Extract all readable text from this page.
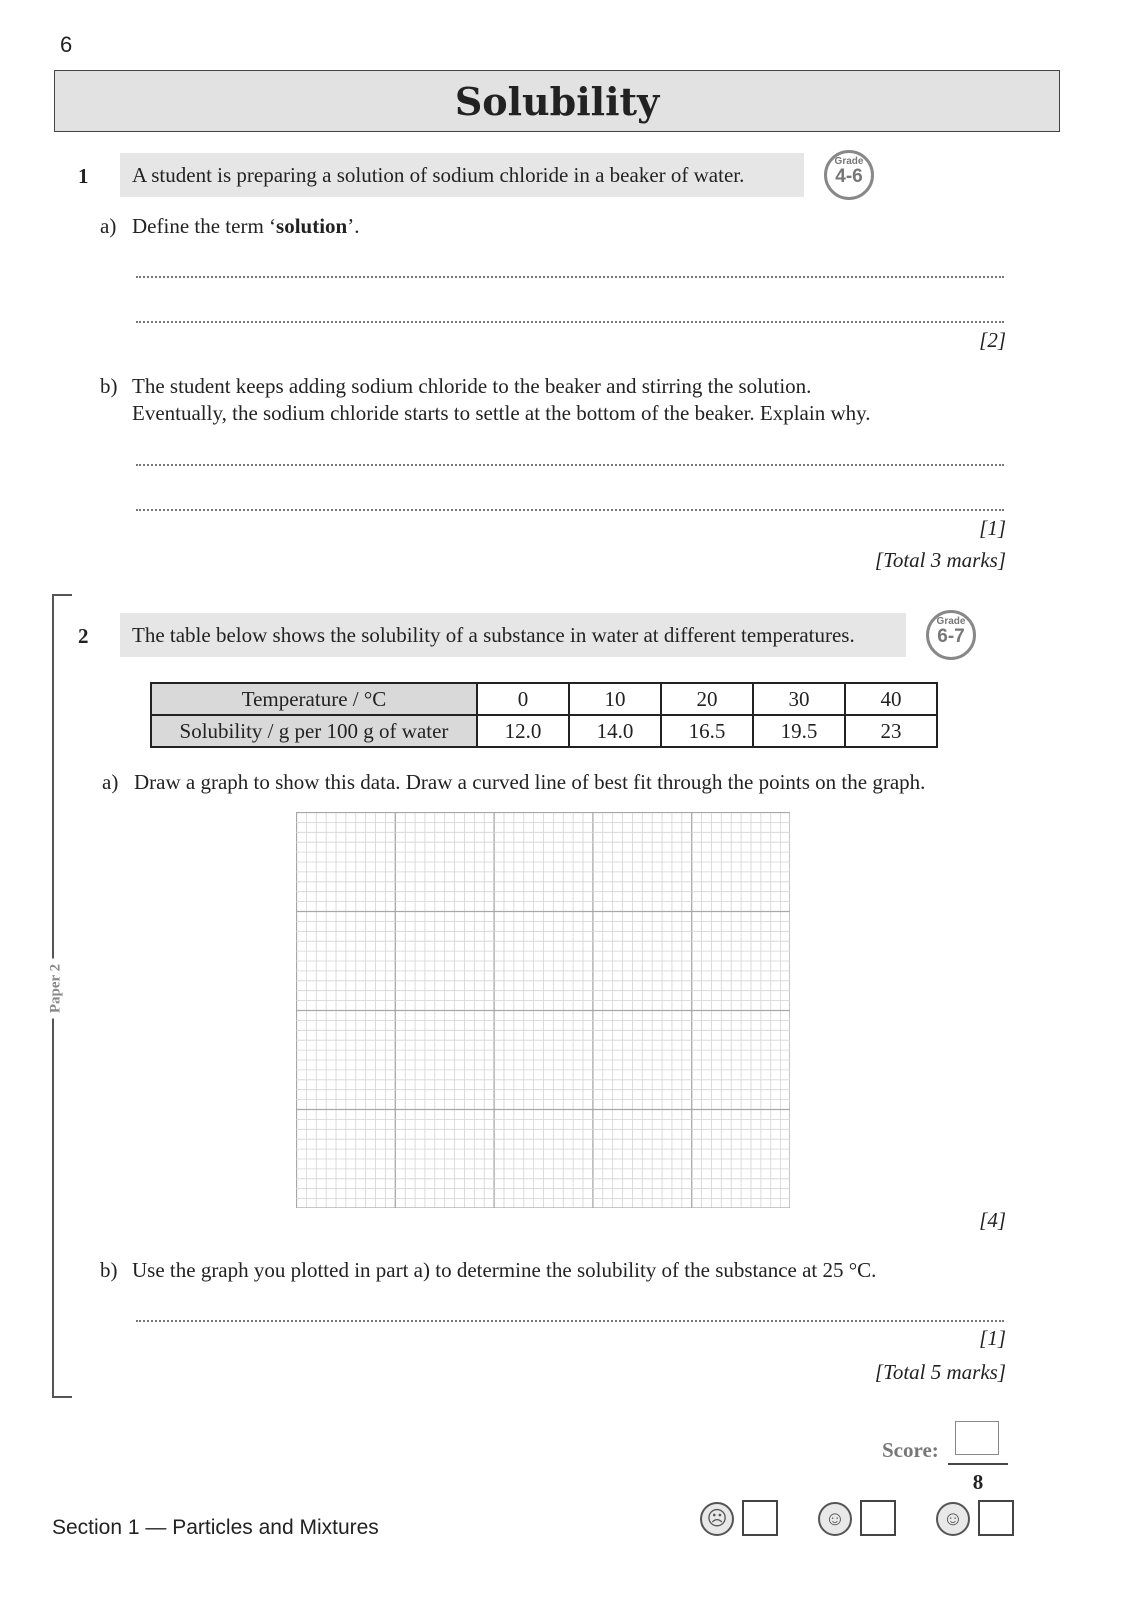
6
Solubility
1	A student is preparing a solution of sodium chloride in a beaker of water.
Grade
4-6
a) Define the term ‘solution’.
[2]
b) The student keeps adding sodium chloride to the beaker and stirring the solution.
Eventually, the sodium chloride starts to settle at the bottom of the beaker. Explain why.
[1]
[Total 3 marks]
Paper 2
2	The table below shows the solubility of a substance in water at different temperatures.
Grade
6-7
Temperature / °C	0	10	20	30	40
Solubility / g per 100 g of water	12.0	14.0	16.5	19.5	23
a) Draw a graph to show this data. Draw a curved line of best fit through the points on the graph.
[4]
b) Use the graph you plotted in part a) to determine the solubility of the substance at 25 °C.
[1]
[Total 5 marks]
Score:
8
☹	☺	☺
Section 1 — Particles and Mixtures
